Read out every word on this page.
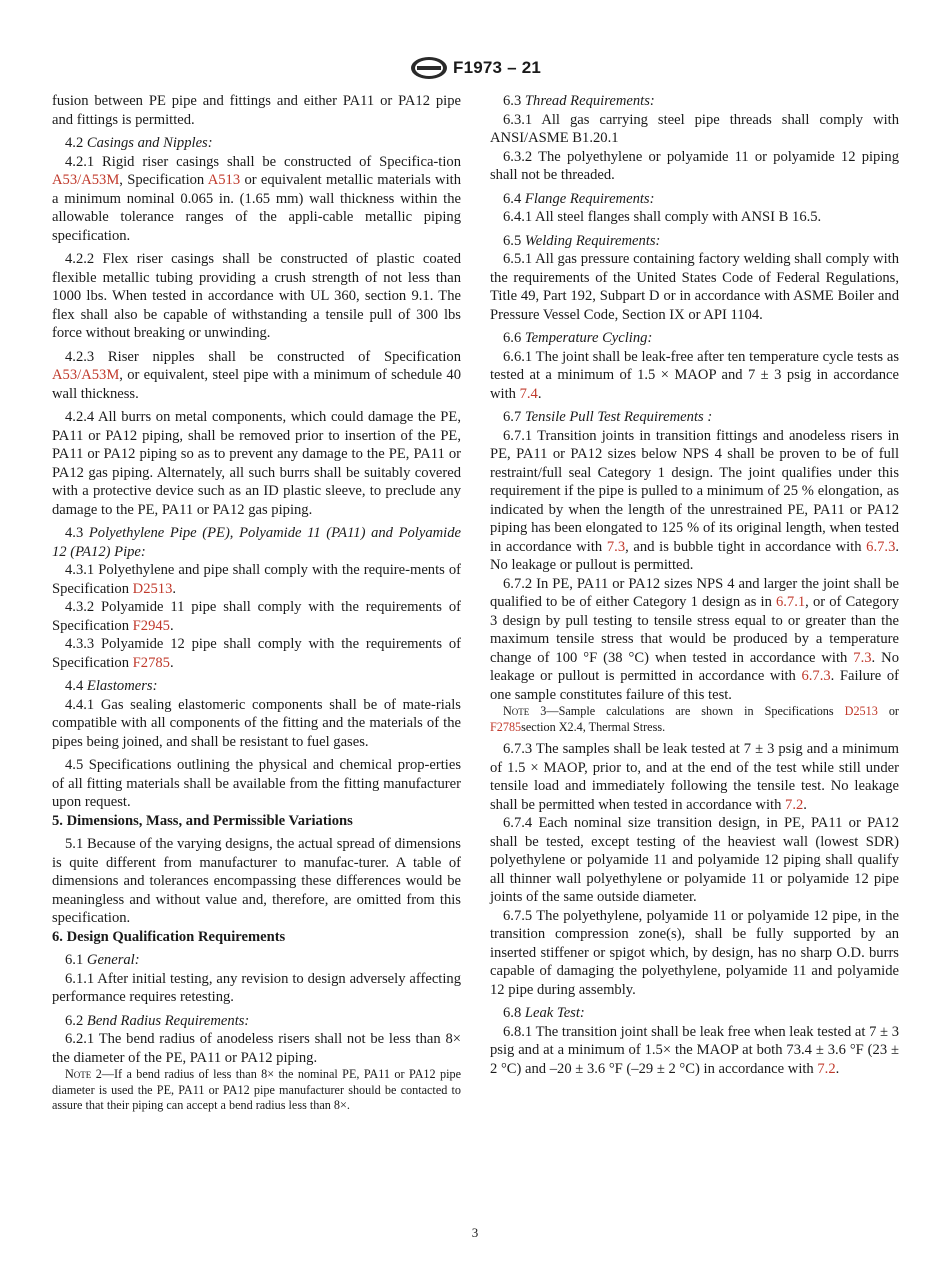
F1973 – 21

fusion between PE pipe and fittings and either PA11 or PA12 pipe and fittings is permitted.

4.2 Casings and Nipples:

4.2.1 Rigid riser casings shall be constructed of Specifica-tion A53/A53M, Specification A513 or equivalent metallic materials with a minimum nominal 0.065 in. (1.65 mm) wall thickness within the allowable tolerance ranges of the appli-cable metallic piping specification.

4.2.2 Flex riser casings shall be constructed of plastic coated flexible metallic tubing providing a crush strength of not less than 1000 lbs. When tested in accordance with UL 360, section 9.1. The flex shall also be capable of withstanding a tensile pull of 300 lbs force without breaking or unwinding.

4.2.3 Riser nipples shall be constructed of Specification A53/A53M, or equivalent, steel pipe with a minimum of schedule 40 wall thickness.

4.2.4 All burrs on metal components, which could damage the PE, PA11 or PA12 piping, shall be removed prior to insertion of the PE, PA11 or PA12 piping so as to prevent any damage to the PE, PA11 or PA12 gas piping. Alternately, all such burrs shall be suitably covered with a protective device such as an ID plastic sleeve, to preclude any damage to the PE, PA11 or PA12 gas piping.

4.3 Polyethylene Pipe (PE), Polyamide 11 (PA11) and Polyamide 12 (PA12) Pipe:

4.3.1 Polyethylene and pipe shall comply with the require-ments of Specification D2513.

4.3.2 Polyamide 11 pipe shall comply with the requirements of Specification F2945.

4.3.3 Polyamide 12 pipe shall comply with the requirements of Specification F2785.

4.4 Elastomers:

4.4.1 Gas sealing elastomeric components shall be of mate-rials compatible with all components of the fitting and the materials of the pipes being joined, and shall be resistant to fuel gases.

4.5 Specifications outlining the physical and chemical prop-erties of all fitting materials shall be available from the fitting manufacturer upon request.

5. Dimensions, Mass, and Permissible Variations

5.1 Because of the varying designs, the actual spread of dimensions is quite different from manufacturer to manufac-turer. A table of dimensions and tolerances encompassing these differences would be meaningless and without value and, therefore, are omitted from this specification.

6. Design Qualification Requirements

6.1 General:

6.1.1 After initial testing, any revision to design adversely affecting performance requires retesting.

6.2 Bend Radius Requirements:

6.2.1 The bend radius of anodeless risers shall not be less than 8× the diameter of the PE, PA11 or PA12 piping.

Note 2—If a bend radius of less than 8× the nominal PE, PA11 or PA12 pipe diameter is used the PE, PA11 or PA12 pipe manufacturer should be contacted to assure that their piping can accept a bend radius less than 8×.

6.3 Thread Requirements:

6.3.1 All gas carrying steel pipe threads shall comply with ANSI/ASME B1.20.1

6.3.2 The polyethylene or polyamide 11 or polyamide 12 piping shall not be threaded.

6.4 Flange Requirements:

6.4.1 All steel flanges shall comply with ANSI B 16.5.

6.5 Welding Requirements:

6.5.1 All gas pressure containing factory welding shall comply with the requirements of the United States Code of Federal Regulations, Title 49, Part 192, Subpart D or in accordance with ASME Boiler and Pressure Vessel Code, Section IX or API 1104.

6.6 Temperature Cycling:

6.6.1 The joint shall be leak-free after ten temperature cycle tests as tested at a minimum of 1.5 × MAOP and 7 ± 3 psig in accordance with 7.4.

6.7 Tensile Pull Test Requirements :

6.7.1 Transition joints in transition fittings and anodeless risers in PE, PA11 or PA12 sizes below NPS 4 shall be proven to be of full restraint/full seal Category 1 design. The joint qualifies under this requirement if the pipe is pulled to a minimum of 25 % elongation, as indicated by when the length of the unrestrained PE, PA11 or PA12 piping has been elongated to 125 % of its original length, when tested in accordance with 7.3, and is bubble tight in accordance with 6.7.3. No leakage or pullout is permitted.

6.7.2 In PE, PA11 or PA12 sizes NPS 4 and larger the joint shall be qualified to be of either Category 1 design as in 6.7.1, or of Category 3 design by pull testing to tensile stress equal to or greater than the maximum tensile stress that would be produced by a temperature change of 100 °F (38 °C) when tested in accordance with 7.3. No leakage or pullout is permitted in accordance with 6.7.3. Failure of one sample constitutes failure of this test.

Note 3—Sample calculations are shown in Specifications D2513 or F2785section X2.4, Thermal Stress.

6.7.3 The samples shall be leak tested at 7 ± 3 psig and a minimum of 1.5 × MAOP, prior to, and at the end of the test while still under tensile load and immediately following the tensile test. No leakage shall be permitted when tested in accordance with 7.2.

6.7.4 Each nominal size transition design, in PE, PA11 or PA12 shall be tested, except testing of the heaviest wall (lowest SDR) polyethylene or polyamide 11 and polyamide 12 piping shall qualify all thinner wall polyethylene or polyamide 11 or polyamide 12 pipe joints of the same outside diameter.

6.7.5 The polyethylene, polyamide 11 or polyamide 12 pipe, in the transition compression zone(s), shall be fully supported by an inserted stiffener or spigot which, by design, has no sharp O.D. burrs capable of damaging the polyethylene, polyamide 11 and polyamide 12 pipe during assembly.

6.8 Leak Test:

6.8.1 The transition joint shall be leak free when leak tested at 7 ± 3 psig and at a minimum of 1.5× the MAOP at both 73.4 ± 3.6 °F (23 ± 2 °C) and –20 ± 3.6 °F (–29 ± 2 °C) in accordance with 7.2.

3
